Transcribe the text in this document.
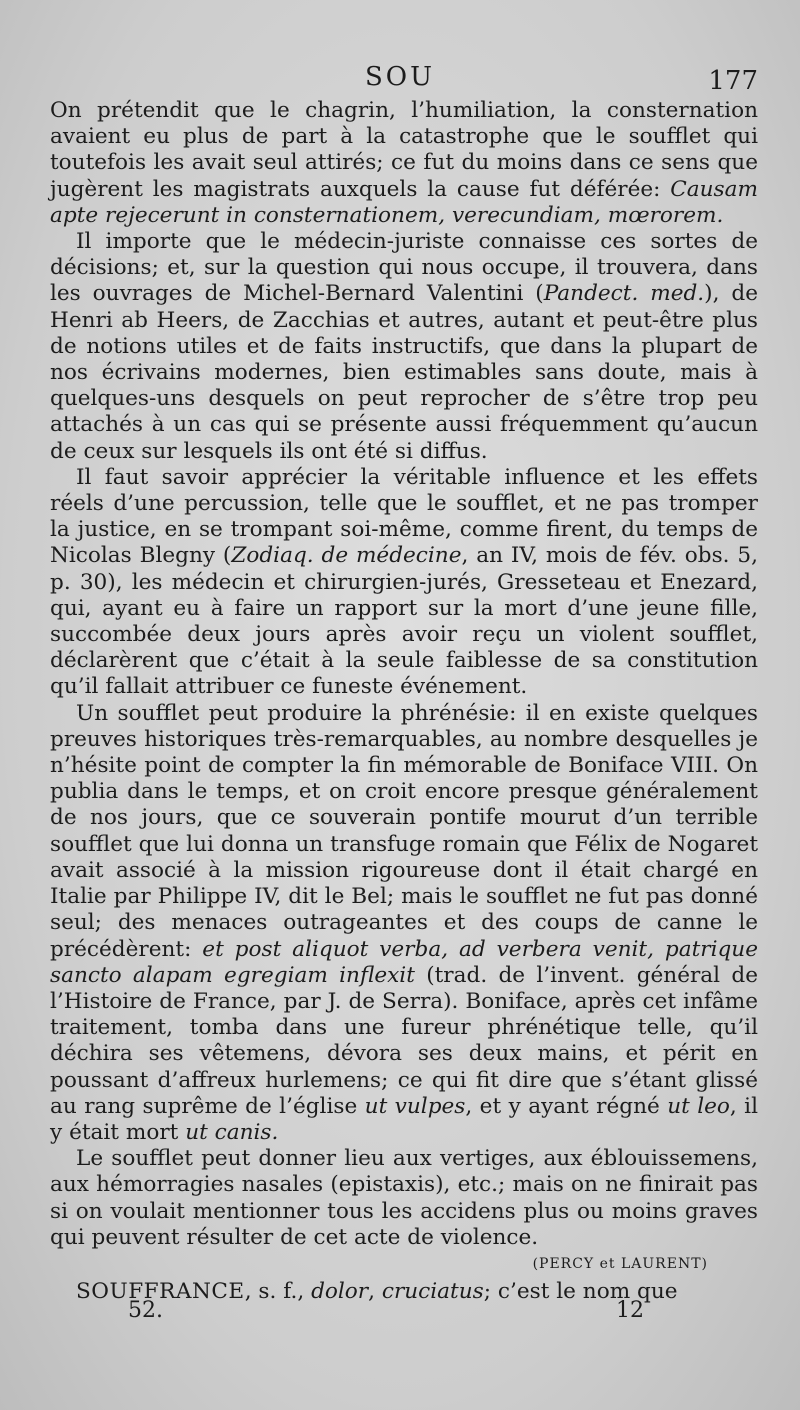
SOU	177

On prétendit que le chagrin, l’humiliation, la consternation avaient eu plus de part à la catastrophe que le soufflet qui toutefois les avait seul attirés; ce fut du moins dans ce sens que jugèrent les magistrats auxquels la cause fut déférée: Causam apte rejecerunt in consternationem, verecundiam, mœrorem.

Il importe que le médecin-juriste connaisse ces sortes de décisions; et, sur la question qui nous occupe, il trouvera, dans les ouvrages de Michel-Bernard Valentini (Pandect. med.), de Henri ab Heers, de Zacchias et autres, autant et peut-être plus de notions utiles et de faits instructifs, que dans la plupart de nos écrivains modernes, bien estimables sans doute, mais à quelques-uns desquels on peut reprocher de s’être trop peu attachés à un cas qui se présente aussi fréquemment qu’aucun de ceux sur lesquels ils ont été si diffus.

Il faut savoir apprécier la véritable influence et les effets réels d’une percussion, telle que le soufflet, et ne pas tromper la justice, en se trompant soi-même, comme firent, du temps de Nicolas Blegny (Zodiaq. de médecine, an IV, mois de fév. obs. 5, p. 30), les médecin et chirurgien-jurés, Gresseteau et Enezard, qui, ayant eu à faire un rapport sur la mort d’une jeune fille, succombée deux jours après avoir reçu un violent soufflet, déclarèrent que c’était à la seule faiblesse de sa constitution qu’il fallait attribuer ce funeste événement.

Un soufflet peut produire la phrénésie: il en existe quelques preuves historiques très-remarquables, au nombre desquelles je n’hésite point de compter la fin mémorable de Boniface VIII. On publia dans le temps, et on croit encore presque généralement de nos jours, que ce souverain pontife mourut d’un terrible soufflet que lui donna un transfuge romain que Félix de Nogaret avait associé à la mission rigoureuse dont il était chargé en Italie par Philippe IV, dit le Bel; mais le soufflet ne fut pas donné seul; des menaces outrageantes et des coups de canne le précédèrent: et post aliquot verba, ad verbera venit, patrique sancto alapam egregiam inflexit (trad. de l’invent. général de l’Histoire de France, par J. de Serra). Boniface, après cet infâme traitement, tomba dans une fureur phrénétique telle, qu’il déchira ses vêtemens, dévora ses deux mains, et périt en poussant d’affreux hurlemens; ce qui fit dire que s’étant glissé au rang suprême de l’église ut vulpes, et y ayant régné ut leo, il y était mort ut canis.

Le soufflet peut donner lieu aux vertiges, aux éblouissemens, aux hémorragies nasales (epistaxis), etc.; mais on ne finirait pas si on voulait mentionner tous les accidens plus ou moins graves qui peuvent résulter de cet acte de violence.

(PERCY et LAURENT)

SOUFFRANCE, s. f., dolor, cruciatus; c’est le nom que

52.	12
